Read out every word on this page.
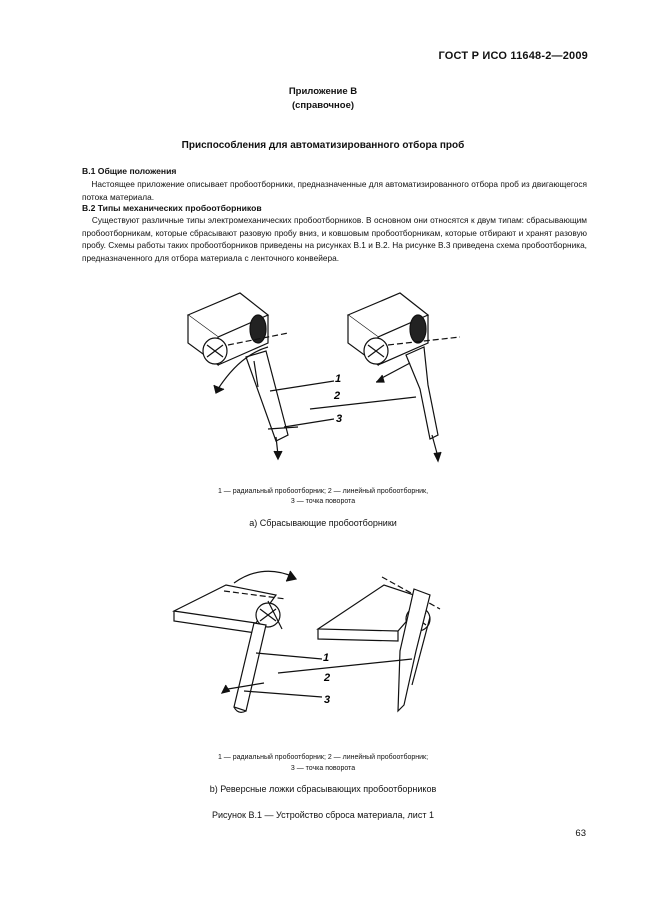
ГОСТ Р ИСО 11648-2—2009
Приложение В
(справочное)
Приспособления для автоматизированного отбора проб
В.1 Общие положения
Настоящее приложение описывает пробоотборники, предназначенные для автоматизированного отбора проб из двигающегося потока материала.
В.2 Типы механических пробоотборников
Существуют различные типы электромеханических пробоотборников. В основном они относятся к двум типам: сбрасывающим пробоотборникам, которые сбрасывают разовую пробу вниз, и ковшовым пробоотборникам, которые отбирают и хранят разовую пробу. Схемы работы таких пробоотборников приведены на рисунках В.1 и В.2. На рисунке В.3 приведена схема пробоотборника, предназначенного для отбора материала с ленточного конвейера.
1
2
3
1 — радиальный пробоотборник; 2 — линейный пробоотборник,
3 — точка поворота
а) Сбрасывающие пробоотборники
1
2
3
1 — радиальный пробоотборник; 2 — линейный пробоотборник;
3 — точка поворота
b) Реверсные ложки сбрасывающих пробоотборников
Рисунок В.1 — Устройство сброса материала, лист 1
63
